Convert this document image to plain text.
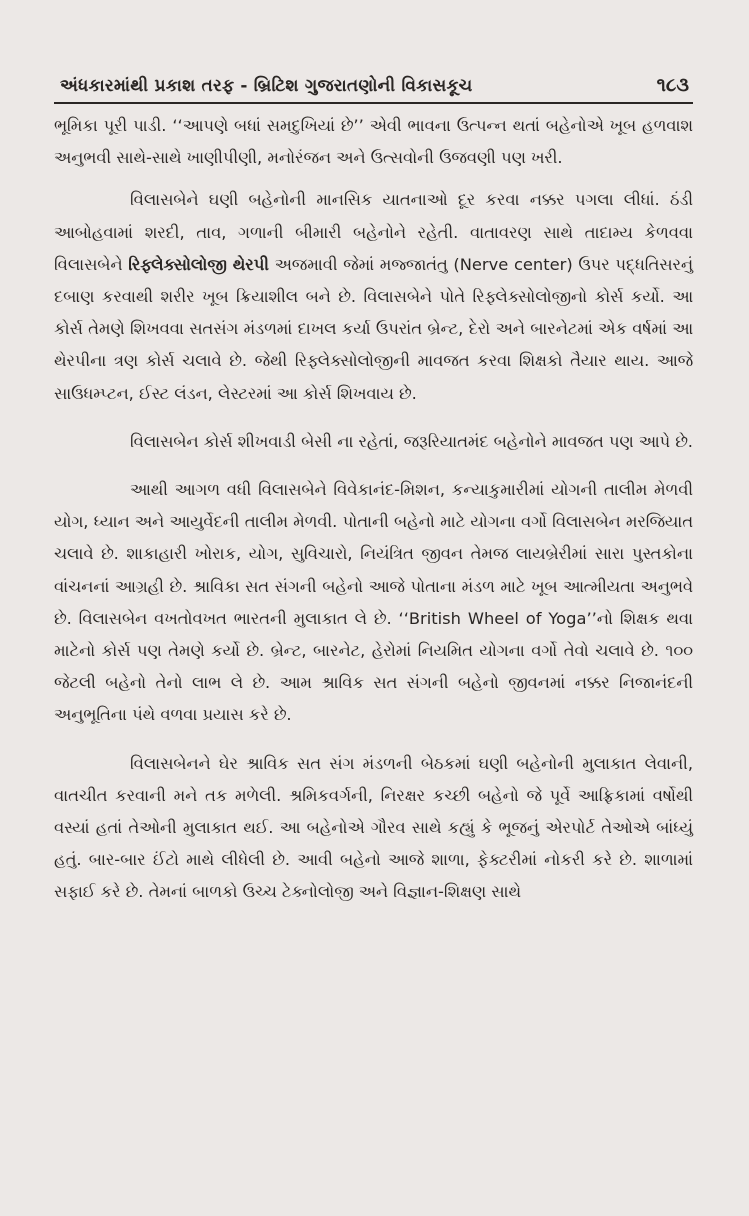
અંધકારમાંથી પ્રકાશ તરફ - બ્રિટિશ ગુજરાતણોની વિકાસકૂચ	૧૮૩

ભૂમિકા પૂરી પાડી. ‘‘આપણે બધાં સમદુખિયાં છે’’ એવી ભાવના ઉત્પન્ન થતાં બહેનોએ ખૂબ હળવાશ અનુભવી સાથે-સાથે ખાણીપીણી, મનોરંજન અને ઉત્સવોની ઉજવણી પણ ખરી.

વિલાસબેને ઘણી બહેનોની માનસિક યાતનાઓ દૂર કરવા નક્કર પગલા લીધાં. ઠંડી આબોહવામાં શરદી, તાવ, ગળાની બીમારી બહેનોને રહેતી. વાતાવરણ સાથે તાદામ્ય કેળવવા વિલાસબેને રિફ્લેક્સોલોજી થેરપી અજમાવી જેમાં મજ્જાતંતુ (Nerve center) ઉપર પદ્ધતિસરનું દબાણ કરવાથી શરીર ખૂબ ક્રિયાશીલ બને છે. વિલાસબેને પોતે રિફ્લેક્સોલોજીનો કોર્સ કર્યો. આ કોર્સ તેમણે શિખવવા સતસંગ મંડળમાં દાખલ કર્યા ઉપરાંત બ્રેન્ટ, દેરો અને બારનેટમાં એક વર્ષમાં આ થેરપીના ત્રણ કોર્સ ચલાવે છે. જેથી રિફ્લેક્સોલોજીની માવજત કરવા શિક્ષકો તૈયાર થાય. આજે સાઉધમ્પ્ટન, ઈસ્ટ લંડન, લેસ્ટરમાં આ કોર્સ શિખવાય છે.

વિલાસબેન કોર્સ શીખવાડી બેસી ના રહેતાં, જરૂરિયાતમંદ બહેનોને માવજત પણ આપે છે.

આથી આગળ વધી વિલાસબેને વિવેકાનંદ-મિશન, કન્યાકુમારીમાં યોગની તાલીમ મેળવી યોગ, ધ્યાન અને આયુર્વેદની તાલીમ મેળવી. પોતાની બહેનો માટે યોગના વર્ગો વિલાસબેન મરજિયાત ચલાવે છે. શાકાહારી ખોરાક, યોગ, સુવિચારો, નિયંત્રિત જીવન તેમજ લાયબ્રેરીમાં સારા પુસ્તકોના વાંચનનાં આગ્રહી છે. શ્રાવિકા સત સંગની બહેનો આજે પોતાના મંડળ માટે ખૂબ આત્મીયતા અનુભવે છે. વિલાસબેન વખતોવખત ભારતની મુલાકાત લે છે. ‘‘British Wheel of Yoga’’નો શિક્ષક થવા માટેનો કોર્સ પણ તેમણે કર્યો છે. બ્રેન્ટ, બારનેટ, હેરોમાં નિયમિત યોગના વર્ગો તેવો ચલાવે છે. ૧૦૦ જેટલી બહેનો તેનો લાભ લે છે. આમ શ્રાવિક સત સંગની બહેનો જીવનમાં નક્કર નિજાનંદની અનુભૂતિના પંથે વળવા પ્રયાસ કરે છે.

વિલાસબેનને ઘેર શ્રાવિક સત સંગ મંડળની બેઠકમાં ઘણી બહેનોની મુલાકાત લેવાની, વાતચીત કરવાની મને તક મળેલી. શ્રમિકવર્ગની, નિરક્ષર કચ્છી બહેનો જે પૂર્વે આફ્રિકામાં વર્ષોથી વસ્યાં હતાં તેઓની મુલાકાત થઈ. આ બહેનોએ ગૌરવ સાથે કહ્યું કે ભૂજનું એરપોર્ટ તેઓએ બાંધ્યું હતું. બાર-બાર ઈંટો માથે લીધેલી છે. આવી બહેનો આજે શાળા, ફેક્ટરીમાં નોકરી કરે છે. શાળામાં સફાઈ કરે છે. તેમનાં બાળકો ઉચ્ચ ટેક્નોલોજી અને વિજ્ઞાન-શિક્ષણ સાથે
